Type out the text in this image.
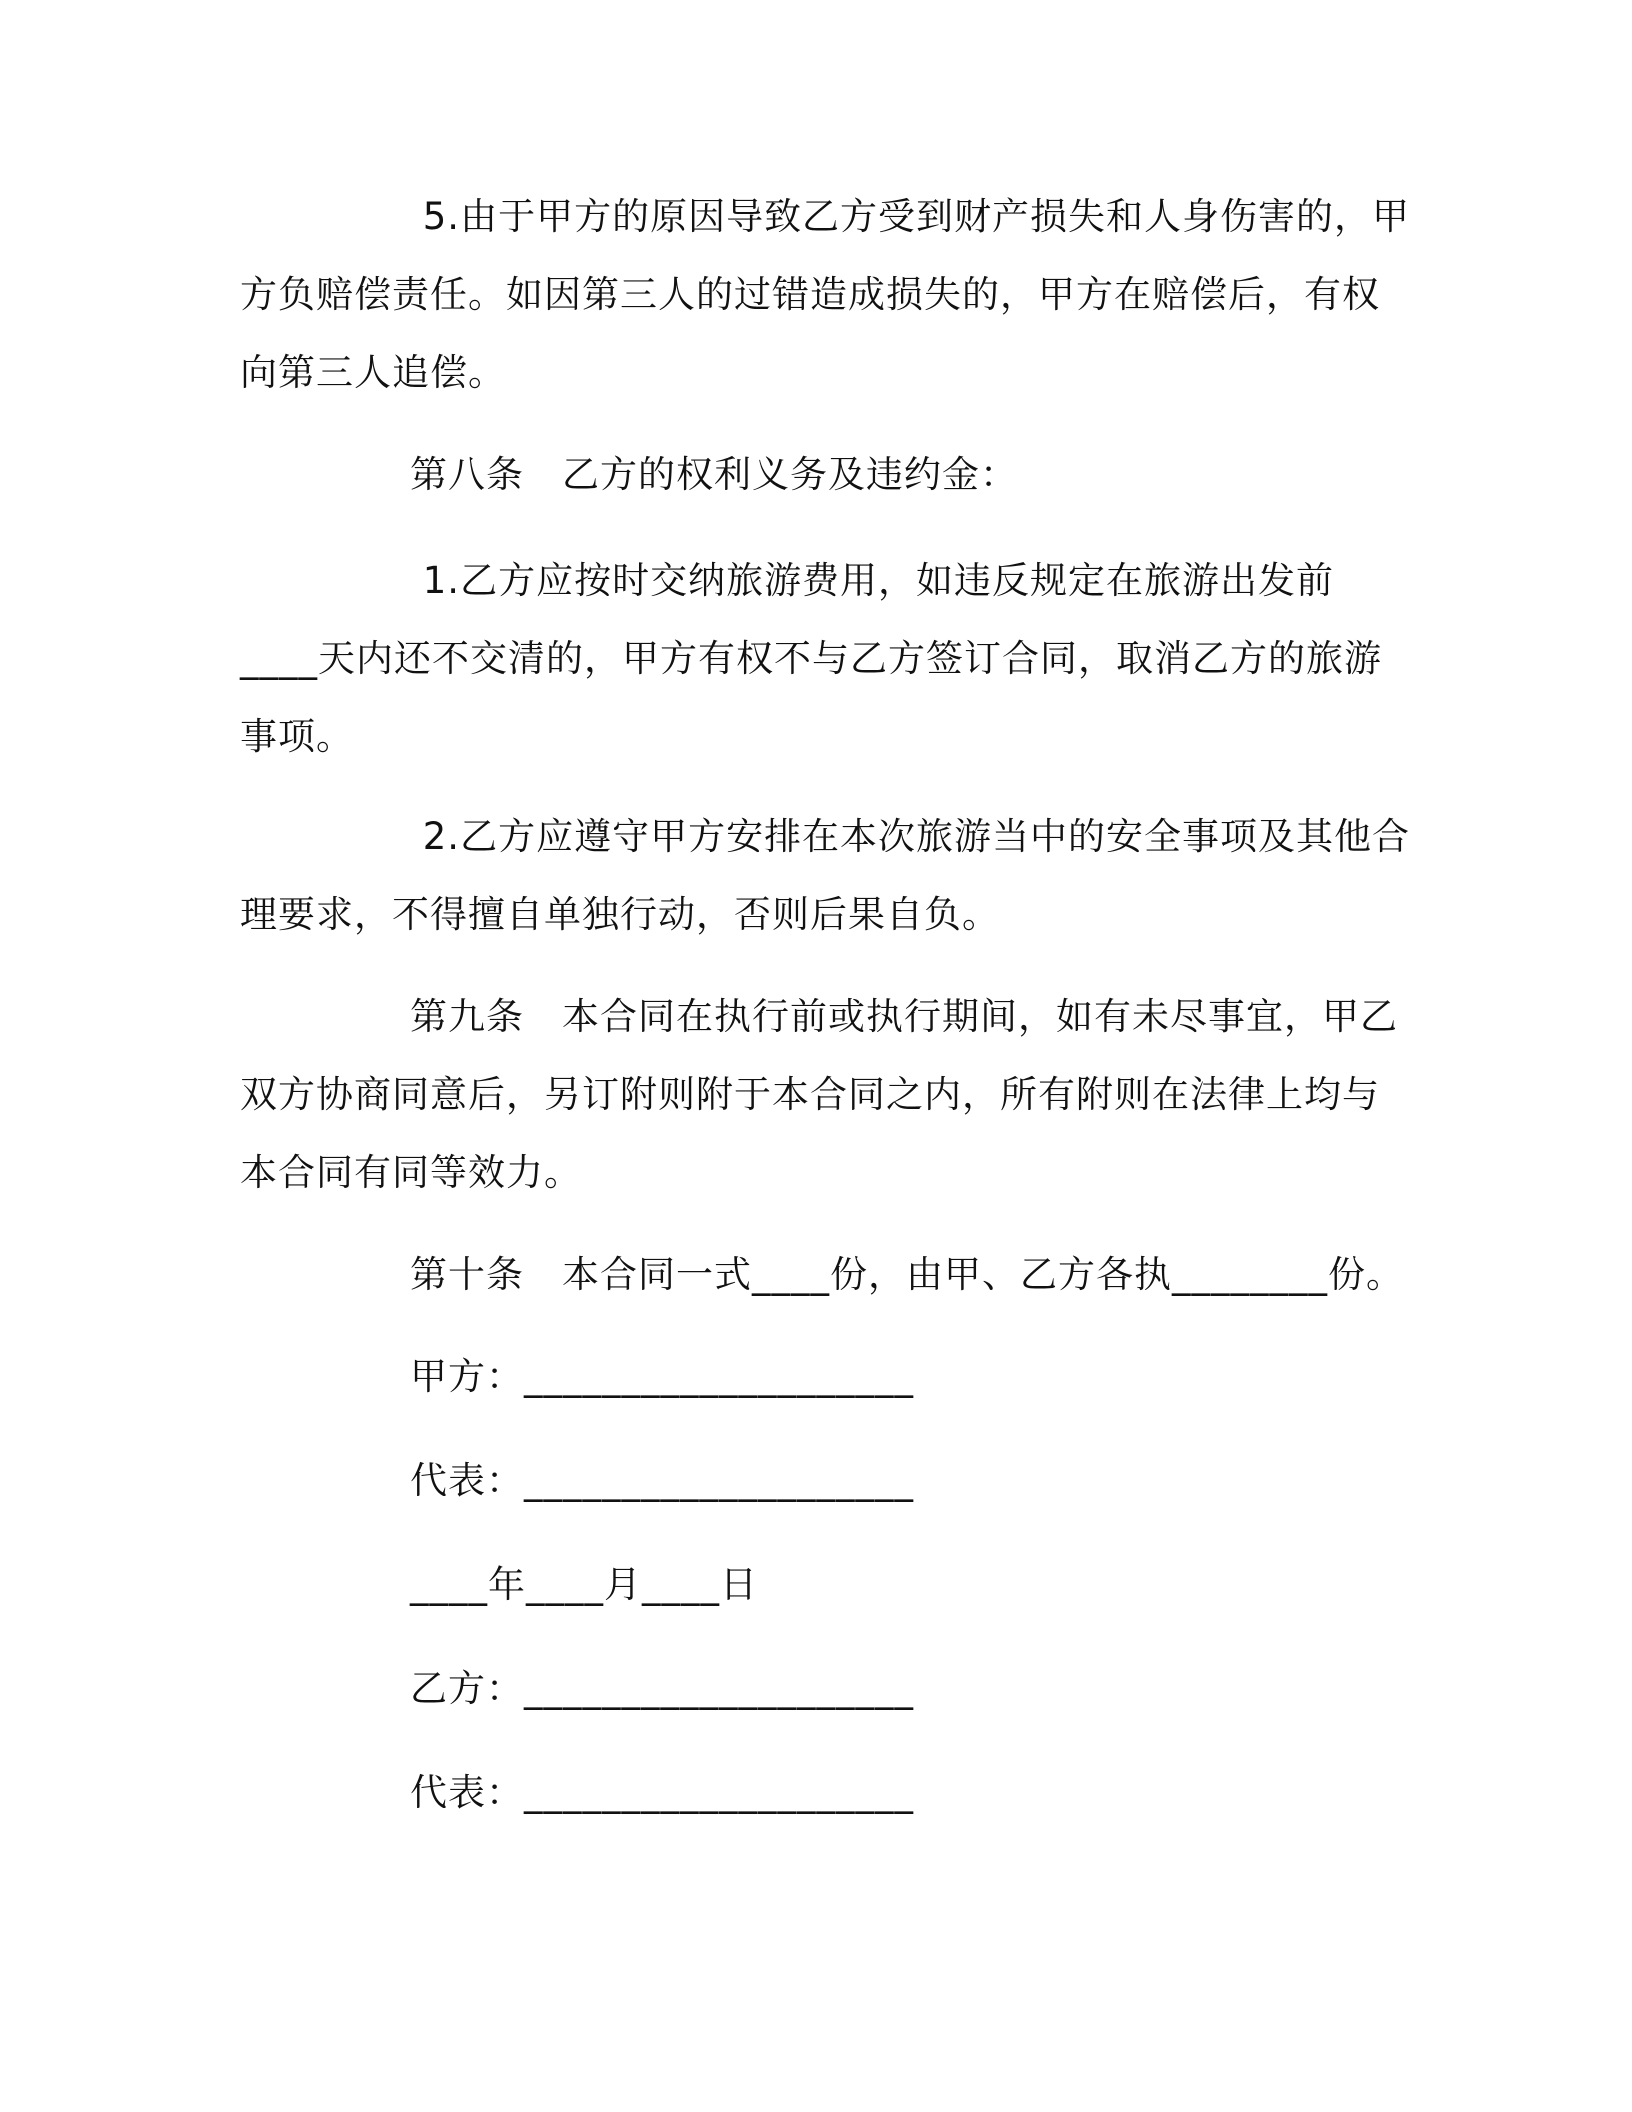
5.由于甲方的原因导致乙方受到财产损失和人身伤害的，甲
方负赔偿责任。如因第三人的过错造成损失的，甲方在赔偿后，有权
向第三人追偿。
第八条　乙方的权利义务及违约金：
1.乙方应按时交纳旅游费用，如违反规定在旅游出发前
____天内还不交清的，甲方有权不与乙方签订合同，取消乙方的旅游
事项。
2.乙方应遵守甲方安排在本次旅游当中的安全事项及其他合
理要求，不得擅自单独行动，否则后果自负。
第九条　本合同在执行前或执行期间，如有未尽事宜，甲乙
双方协商同意后，另订附则附于本合同之内，所有附则在法律上均与
本合同有同等效力。
第十条　本合同一式____份，由甲、乙方各执________份。
甲方：____________________
代表：____________________
____年____月____日
乙方：____________________
代表：____________________
